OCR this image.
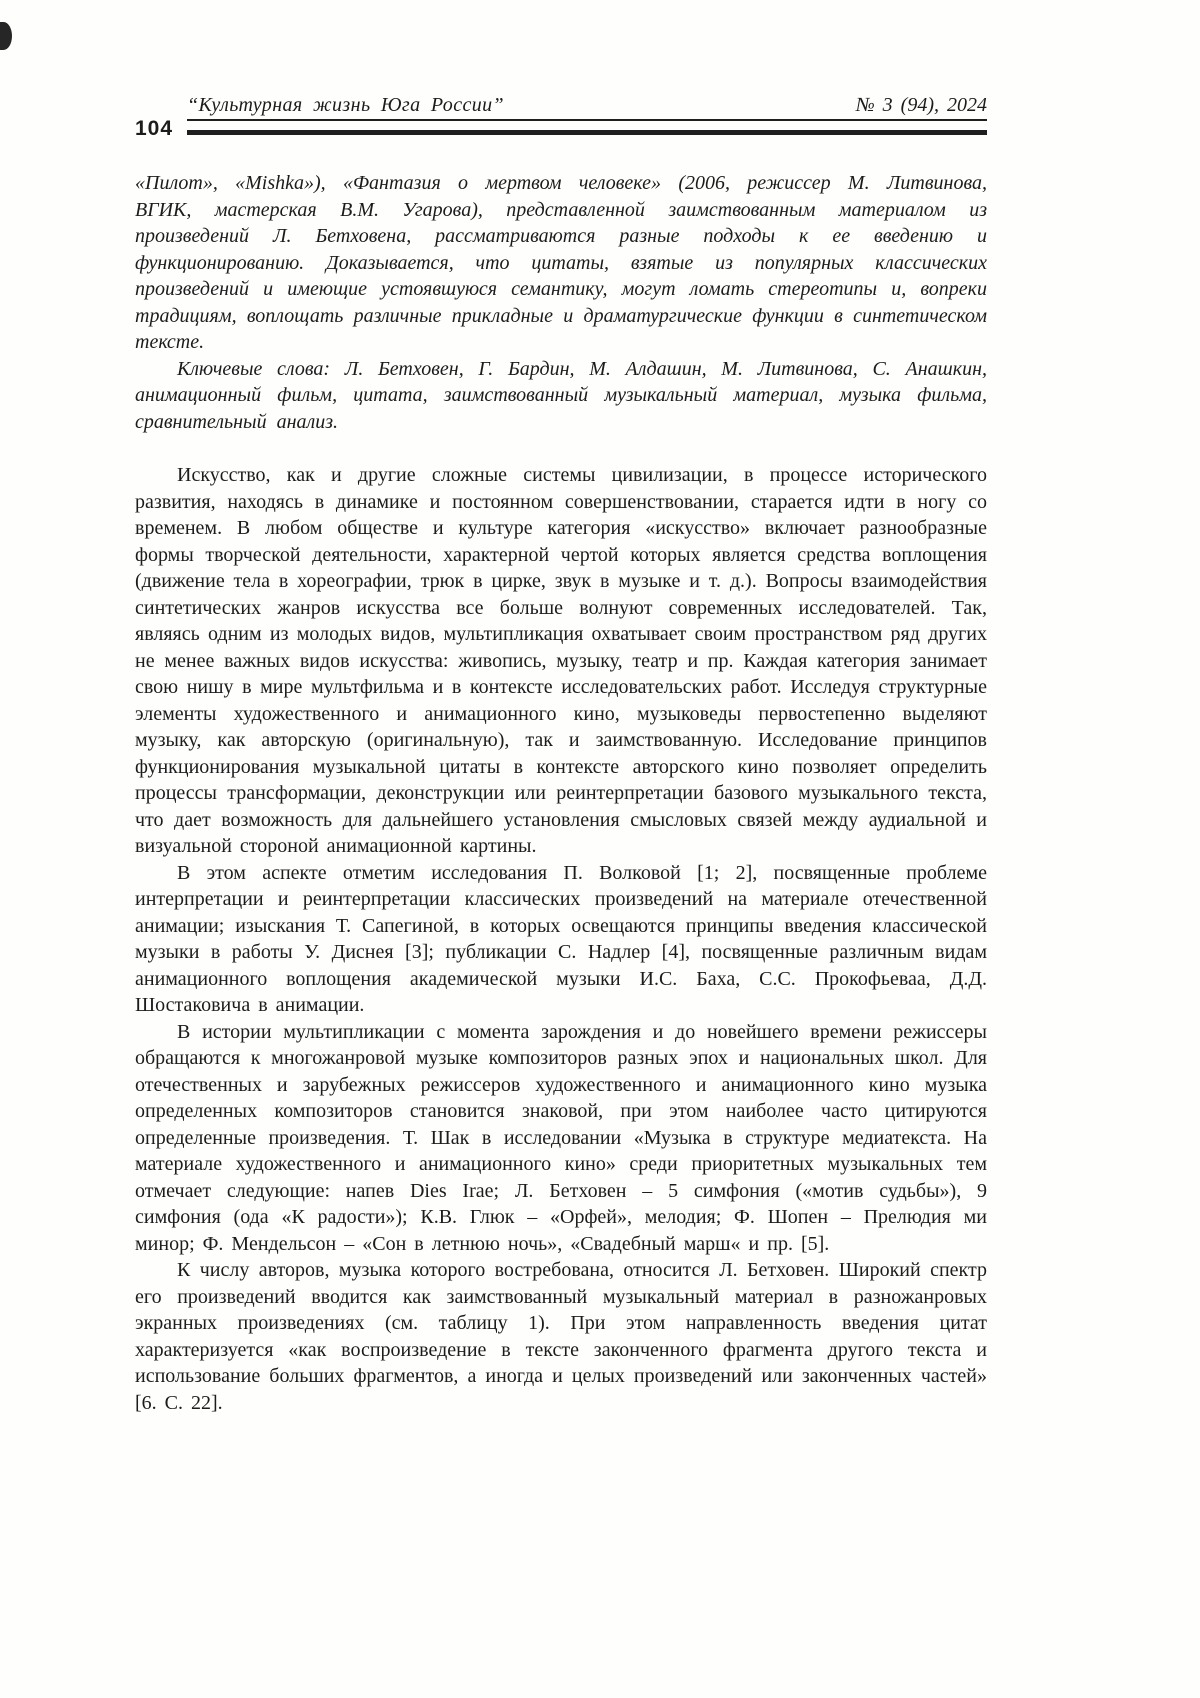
“Культурная жизнь Юга России”	№ 3 (94), 2024
104

«Пилот», «Mishka»), «Фантазия о мертвом человеке» (2006, режиссер М. Литвинова, ВГИК, мастерская В.М. Угарова), представленной заимствованным материалом из произведений Л. Бетховена, рассматриваются разные подходы к ее введению и функционированию. Доказывается, что цитаты, взятые из популярных классических произведений и имеющие устоявшуюся семантику, могут ломать стереотипы и, вопреки традициям, воплощать различные прикладные и драматургические функции в синтетическом тексте.

Ключевые слова: Л. Бетховен, Г. Бардин, М. Алдашин, М. Литвинова, С. Анашкин, анимационный фильм, цитата, заимствованный музыкальный материал, музыка фильма, сравнительный анализ.

Искусство, как и другие сложные системы цивилизации, в процессе исторического развития, находясь в динамике и постоянном совершенствовании, старается идти в ногу со временем. В любом обществе и культуре категория «искусство» включает разнообразные формы творческой деятельности, характерной чертой которых является средства воплощения (движение тела в хореографии, трюк в цирке, звук в музыке и т. д.). Вопросы взаимодействия синтетических жанров искусства все больше волнуют современных исследователей. Так, являясь одним из молодых видов, мультипликация охватывает своим пространством ряд других не менее важных видов искусства: живопись, музыку, театр и пр. Каждая категория занимает свою нишу в мире мультфильма и в контексте исследовательских работ. Исследуя структурные элементы художественного и анимационного кино, музыковеды первостепенно выделяют музыку, как авторскую (оригинальную), так и заимствованную. Исследование принципов функционирования музыкальной цитаты в контексте авторского кино позволяет определить процессы трансформации, деконструкции или реинтерпретации базового музыкального текста, что дает возможность для дальнейшего установления смысловых связей между аудиальной и визуальной стороной анимационной картины.

В этом аспекте отметим исследования П. Волковой [1; 2], посвященные проблеме интерпретации и реинтерпретации классических произведений на материале отечественной анимации; изыскания Т. Сапегиной, в которых освещаются принципы введения классической музыки в работы У. Диснея [3]; публикации С. Надлер [4], посвященные различным видам анимационного воплощения академической музыки И.С. Баха, С.С. Прокофьеваа, Д.Д. Шостаковича в анимации.

В истории мультипликации с момента зарождения и до новейшего времени режиссеры обращаются к многожанровой музыке композиторов разных эпох и национальных школ. Для отечественных и зарубежных режиссеров художественного и анимационного кино музыка определенных композиторов становится знаковой, при этом наиболее часто цитируются определенные произведения. Т. Шак в исследовании «Музыка в структуре медиатекста. На материале художественного и анимационного кино» среди приоритетных музыкальных тем отмечает следующие: напев Dies Irae; Л. Бетховен – 5 симфония («мотив судьбы»), 9 симфония (ода «К радости»); К.В. Глюк – «Орфей», мелодия; Ф. Шопен – Прелюдия ми минор; Ф. Мендельсон – «Сон в летнюю ночь», «Свадебный марш« и пр. [5].

К числу авторов, музыка которого востребована, относится Л. Бетховен. Широкий спектр его произведений вводится как заимствованный музыкальный материал в разножанровых экранных произведениях (см. таблицу 1). При этом направленность введения цитат характеризуется «как воспроизведение в тексте законченного фрагмента другого текста и использование больших фрагментов, а иногда и целых произведений или законченных частей» [6. С. 22].
